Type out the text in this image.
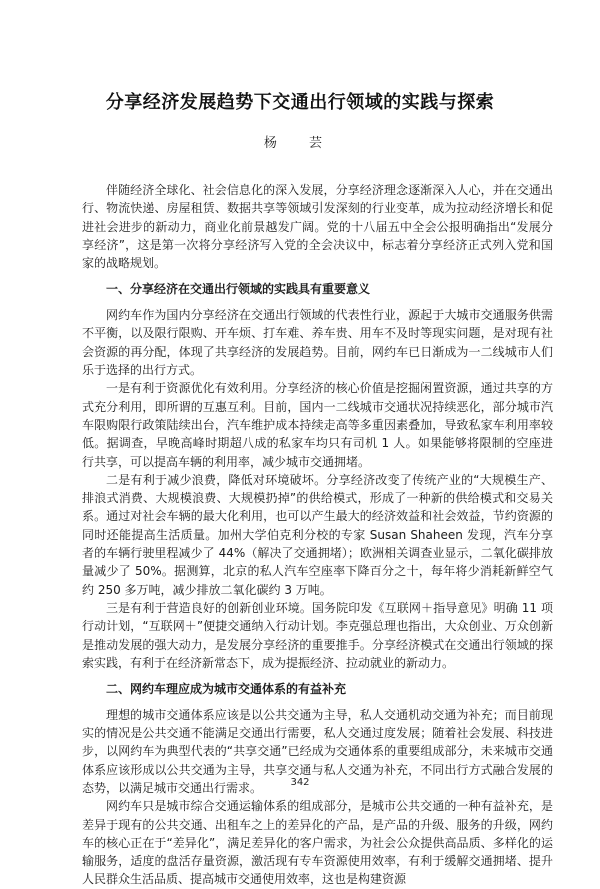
分享经济发展趋势下交通出行领域的实践与探索
杨 芸

伴随经济全球化、社会信息化的深入发展，分享经济理念逐渐深入人心，并在交通出行、物流快递、房屋租赁、数据共享等领域引发深刻的行业变革，成为拉动经济增长和促进社会进步的新动力，商业化前景越发广阔。党的十八届五中全会公报明确指出“发展分享经济”，这是第一次将分享经济写入党的全会决议中，标志着分享经济正式列入党和国家的战略规划。

一、分享经济在交通出行领域的实践具有重要意义

网约车作为国内分享经济在交通出行领域的代表性行业，源起于大城市交通服务供需不平衡，以及限行限购、开车烦、打车难、养车贵、用车不及时等现实问题，是对现有社会资源的再分配，体现了共享经济的发展趋势。目前，网约车已日渐成为一二线城市人们乐于选择的出行方式。

一是有利于资源优化有效利用。分享经济的核心价值是挖掘闲置资源，通过共享的方式充分利用，即所谓的互惠互利。目前，国内一二线城市交通状况持续恶化，部分城市汽车限购限行政策陆续出台，汽车维护成本持续走高等多重因素叠加，导致私家车利用率较低。据调查，早晚高峰时期超八成的私家车均只有司机 1 人。如果能够将限制的空座进行共享，可以提高车辆的利用率，减少城市交通拥堵。

二是有利于减少浪费，降低对环境破坏。分享经济改变了传统产业的“大规模生产、排浪式消费、大规模浪费、大规模扔掉”的供给模式，形成了一种新的供给模式和交易关系。通过对社会车辆的最大化利用，也可以产生最大的经济效益和社会效益，节约资源的同时还能提高生活质量。加州大学伯克利分校的专家 Susan Shaheen 发现，汽车分享者的车辆行驶里程减少了 44%（解决了交通拥堵）；欧洲相关调查业显示，二氧化碳排放量减少了 50%。据测算，北京的私人汽车空座率下降百分之十，每年将少消耗新鲜空气约 250 多万吨，减少排放二氧化碳约 3 万吨。

三是有利于营造良好的创新创业环境。国务院印发《互联网＋指导意见》明确 11 项行动计划，“互联网＋”便捷交通纳入行动计划。李克强总理也指出，大众创业、万众创新是推动发展的强大动力，是发展分享经济的重要推手。分享经济模式在交通出行领域的探索实践，有利于在经济新常态下，成为提振经济、拉动就业的新动力。

二、网约车理应成为城市交通体系的有益补充

理想的城市交通体系应该是以公共交通为主导，私人交通机动交通为补充；而目前现实的情况是公共交通不能满足交通出行需要，私人交通过度发展；随着社会发展、科技进步，以网约车为典型代表的“共享交通”已经成为交通体系的重要组成部分，未来城市交通体系应该形成以公共交通为主导，共享交通与私人交通为补充，不同出行方式融合发展的态势，以满足城市交通出行需求。

网约车只是城市综合交通运输体系的组成部分，是城市公共交通的一种有益补充，是差异于现有的公共交通、出租车之上的差异化的产品，是产品的升级、服务的升级，网约车的核心正在于“差异化”，满足差异化的客户需求，为社会公众提供高品质、多样化的运输服务，适度的盘活存量资源，激活现有专车资源使用效率，有利于缓解交通拥堵、提升人民群众生活品质、提高城市交通使用效率，这也是构建资源

342
